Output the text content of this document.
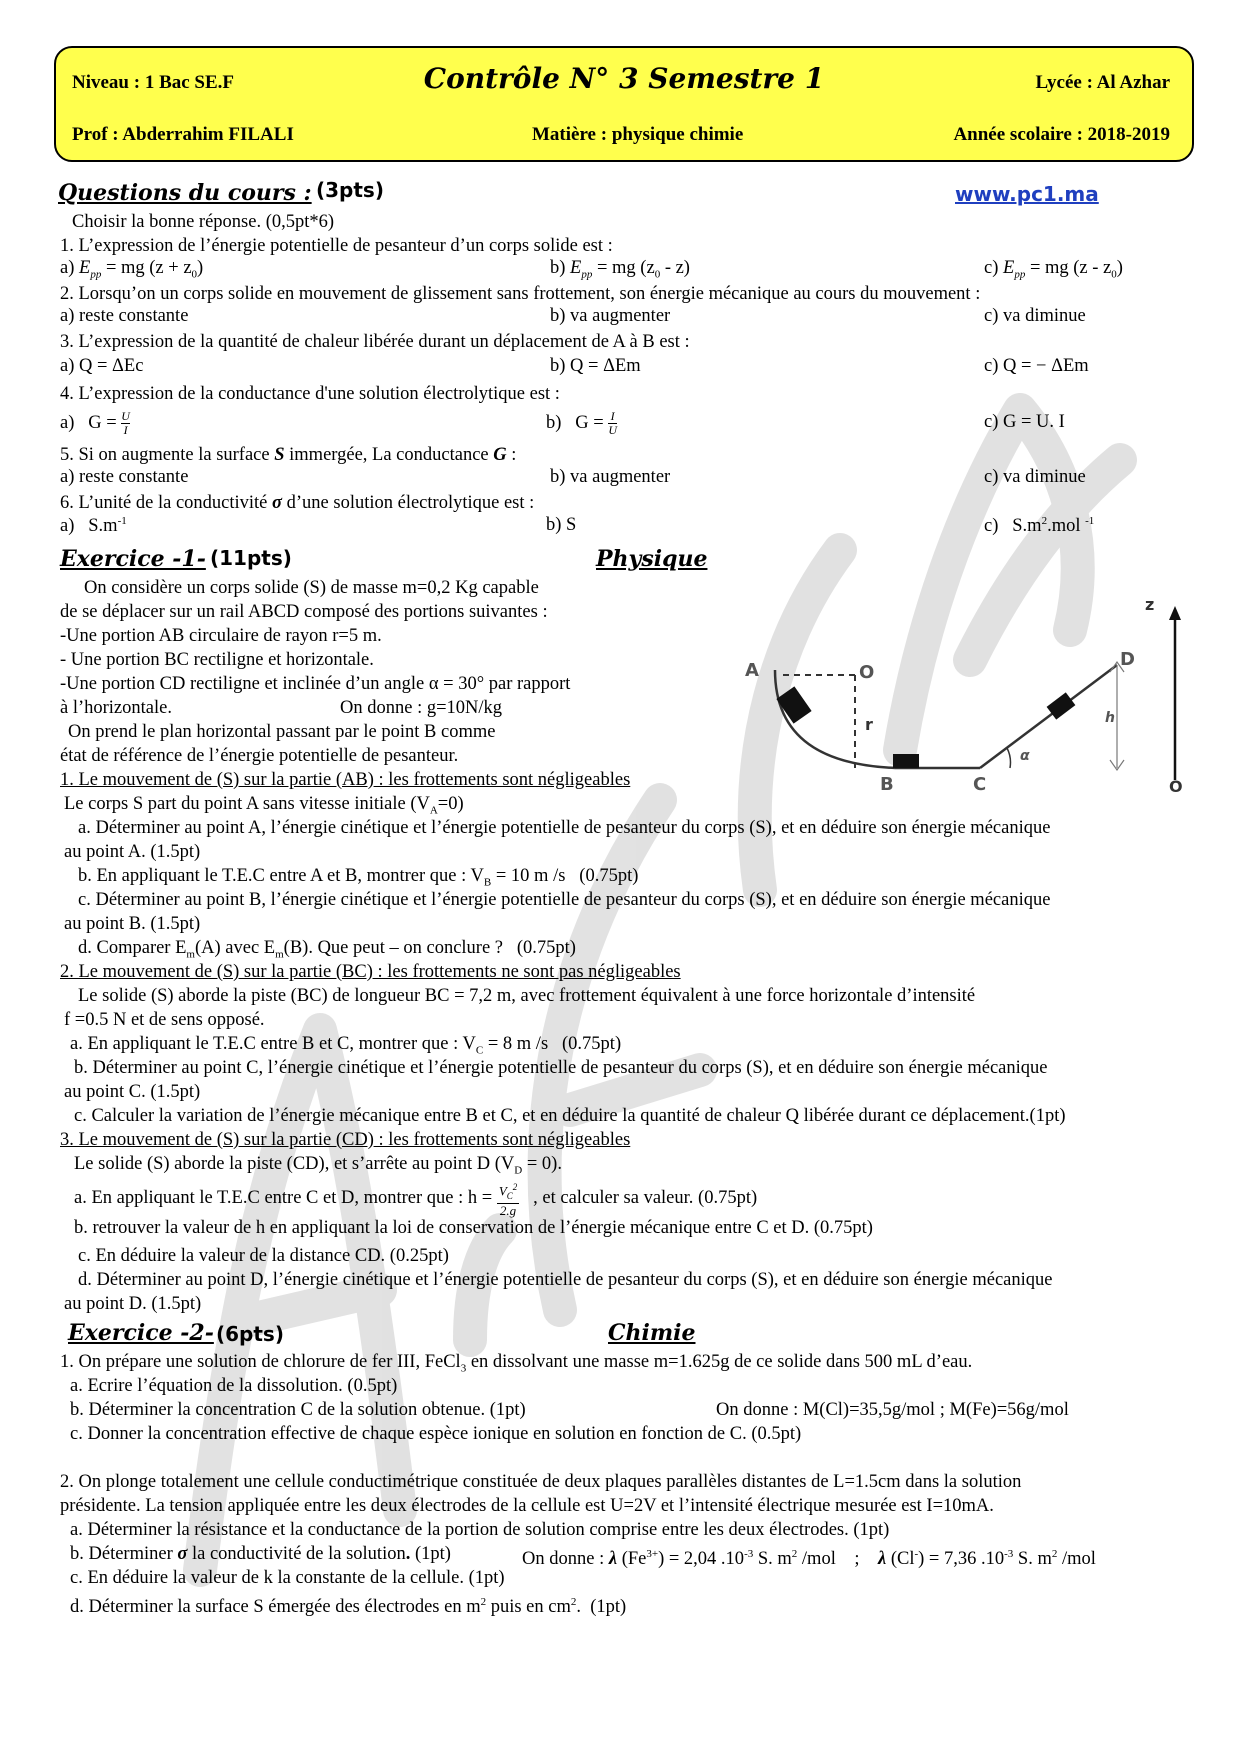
Niveau : 1 Bac SE.F	Contrôle N° 3 Semestre 1	Lycée : Al Azhar
Prof : Abderrahim FILALI	Matière : physique chimie	Année scolaire : 2018-2019
Questions du cours : (3pts)	www.pc1.ma
Choisir la bonne réponse. (0,5pt*6)
1. L’expression de l’énergie potentielle de pesanteur d’un corps solide est :
a) $E_{pp}$ = mg $(z + z_0)$	b) $E_{pp}$ = mg $(z_0 - z)$	c) $E_{pp}$ = mg $(z - z_0)$
2. Lorsqu’on un corps solide en mouvement de glissement sans frottement, son énergie mécanique au cours du mouvement :
a) reste constante	b) va augmenter	c) va diminue
3. L’expression de la quantité de chaleur libérée durant un déplacement de A à B est :
a) Q = ΔEc	b) Q = ΔEm	c) Q = − ΔEm
4. L’expression de la conductance d'une solution électrolytique est :
a)   $G = \frac{U}{I}$	b)   $G = \frac{I}{U}$	c) G = U. I
5. Si on augmente la surface S immergée, La conductance G :
a) reste constante	b) va augmenter	c) va diminue
6. L’unité de la conductivité σ d’une solution électrolytique est :
a)   $S.m^{-1}$	b) S	c)   $S.m^2.mol$ $^{-1}$
Exercice -1- (11pts)	Physique
On considère un corps solide (S) de masse m=0,2 Kg capable
de se déplacer sur un rail ABCD composé des portions suivantes :
-Une portion AB circulaire de rayon r=5 m.
- Une portion BC rectiligne et horizontale.
-Une portion CD rectiligne et inclinée d’un angle α = 30° par rapport
à l’horizontale.	On donne : g=10N/kg
On prend le plan horizontal passant par le point B comme
état de référence de l’énergie potentielle de pesanteur.
A	O
r
B	C
D
h
α
z
O
1. Le mouvement de (S) sur la partie (AB) : les frottements sont négligeables
Le corps S part du point A sans vitesse initiale $(V_A=0)$
a. Déterminer au point A, l’énergie cinétique et l’énergie potentielle de pesanteur du corps (S), et en déduire son énergie mécanique
au point A. (1.5pt)
b. En appliquant le T.E.C entre A et B, montrer que : $V_B = 10$ m /s   (0.75pt)
c. Déterminer au point B, l’énergie cinétique et l’énergie potentielle de pesanteur du corps (S), et en déduire son énergie mécanique
au point B. (1.5pt)
d. Comparer $E_m(A)$ avec $E_m(B)$. Que peut – on conclure ?   (0.75pt)
2. Le mouvement de (S) sur la partie (BC) : les frottements ne sont pas négligeables
Le solide (S) aborde la piste (BC) de longueur BC = 7,2 m, avec frottement équivalent à une force horizontale d’intensité
f =0.5 N et de sens opposé.
a. En appliquant le T.E.C entre B et C, montrer que : $V_C = 8$ m /s   (0.75pt)
b. Déterminer au point C, l’énergie cinétique et l’énergie potentielle de pesanteur du corps (S), et en déduire son énergie mécanique
au point C. (1.5pt)
c. Calculer la variation de l’énergie mécanique entre B et C, et en déduire la quantité de chaleur Q libérée durant ce déplacement.(1pt)
3. Le mouvement de (S) sur la partie (CD) : les frottements sont négligeables
Le solide (S) aborde la piste (CD), et s’arrête au point D $(V_D = 0)$.
a. En appliquant le T.E.C entre C et D, montrer que : $h = \frac{V_C^2}{2.g}$ , et calculer sa valeur. (0.75pt)
b. retrouver la valeur de h en appliquant la loi de conservation de l’énergie mécanique entre C et D. (0.75pt)
c. En déduire la valeur de la distance CD. (0.25pt)
d. Déterminer au point D, l’énergie cinétique et l’énergie potentielle de pesanteur du corps (S), et en déduire son énergie mécanique
au point D. (1.5pt)
Exercice -2- (6pts)	Chimie
1. On prépare une solution de chlorure de fer III, FeCl$_3$ en dissolvant une masse m=1.625g de ce solide dans 500 mL d’eau.
a. Ecrire l’équation de la dissolution. (0.5pt)
b. Déterminer la concentration C de la solution obtenue. (1pt)	On donne : M(Cl)=35,5g/mol ; M(Fe)=56g/mol
c. Donner la concentration effective de chaque espèce ionique en solution en fonction de C. (0.5pt)
2. On plonge totalement une cellule conductimétrique constituée de deux plaques parallèles distantes de L=1.5cm dans la solution
présidente. La tension appliquée entre les deux électrodes de la cellule est U=2V et l’intensité électrique mesurée est I=10mA.
a. Déterminer la résistance et la conductance de la portion de solution comprise entre les deux électrodes. (1pt)
b. Déterminer σ la conductivité de la solution. (1pt)	On donne : λ $(Fe^{3+}) = 2,04$ $.10^{-3}$ S. $m^2$ /mol    ;    λ (Cl-) = 7,36 $.10^{-3}$ S. $m^2$ /mol
c. En déduire la valeur de k la constante de la cellule. (1pt)
d. Déterminer la surface S émergée des électrodes en $m^2$ puis en $cm^2$.  (1pt)
